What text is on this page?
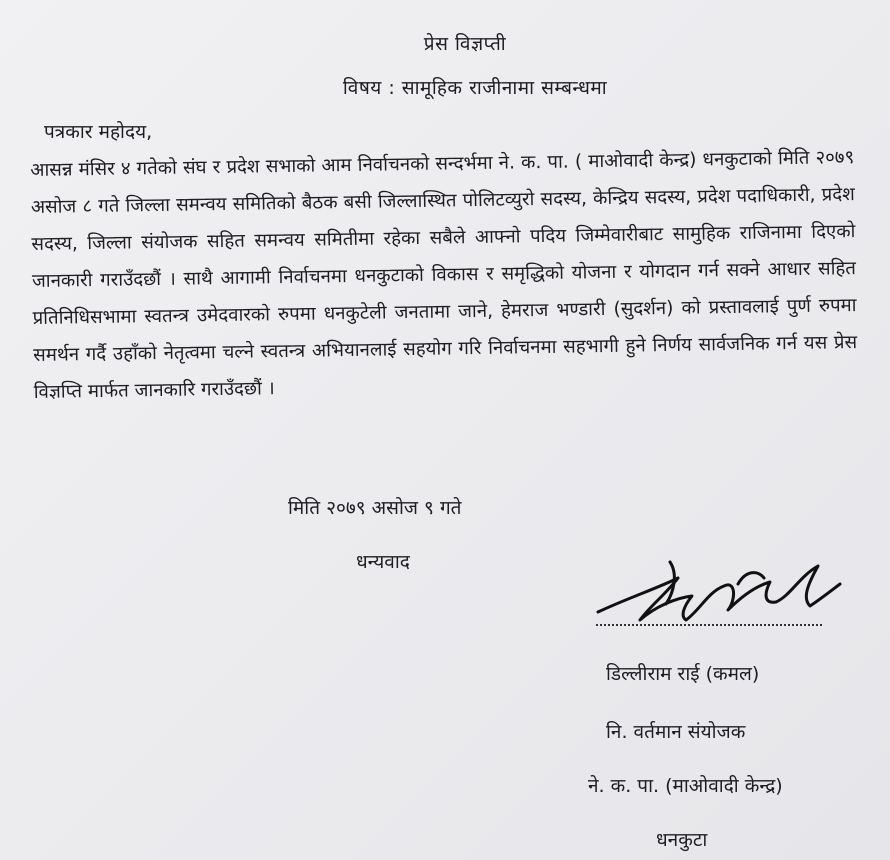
प्रेस विज्ञप्ती
विषय : सामूहिक राजीनामा सम्बन्धमा
पत्रकार महोदय,
आसन्न मंसिर ४ गतेको संघ र प्रदेश सभाको आम निर्वाचनको सन्दर्भमा ने. क. पा. ( माओवादी केन्द्र) धनकुटाको मिति २०७९ असोज ८ गते जिल्ला समन्वय समितिको बैठक बसी जिल्लास्थित पोलिटव्युरो सदस्य, केन्द्रिय सदस्य, प्रदेश पदाधिकारी, प्रदेश सदस्य, जिल्ला संयोजक सहित समन्वय समितीमा रहेका सबैले आफ्नो पदिय जिम्मेवारीबाट सामुहिक राजिनामा दिएको जानकारी गराउँदछौं । साथै आगामी निर्वाचनमा धनकुटाको विकास र समृद्धिको योजना र योगदान गर्न सक्ने आधार सहित प्रतिनिधिसभामा स्वतन्त्र उमेदवारको रुपमा धनकुटेली जनतामा जाने, हेमराज भण्डारी (सुदर्शन) को प्रस्तावलाई पुर्ण रुपमा समर्थन गर्दै उहाँको नेतृत्वमा चल्ने स्वतन्त्र अभियानलाई सहयोग गरि निर्वाचनमा सहभागी हुने निर्णय सार्वजनिक गर्न यस प्रेस विज्ञप्ति मार्फत जानकारि गराउँदछौं ।
मिति २०७९ असोज ९ गते
धन्यवाद
डिल्लीराम राई (कमल)
नि. वर्तमान संयोजक
ने. क. पा. (माओवादी केन्द्र)
धनकुटा
